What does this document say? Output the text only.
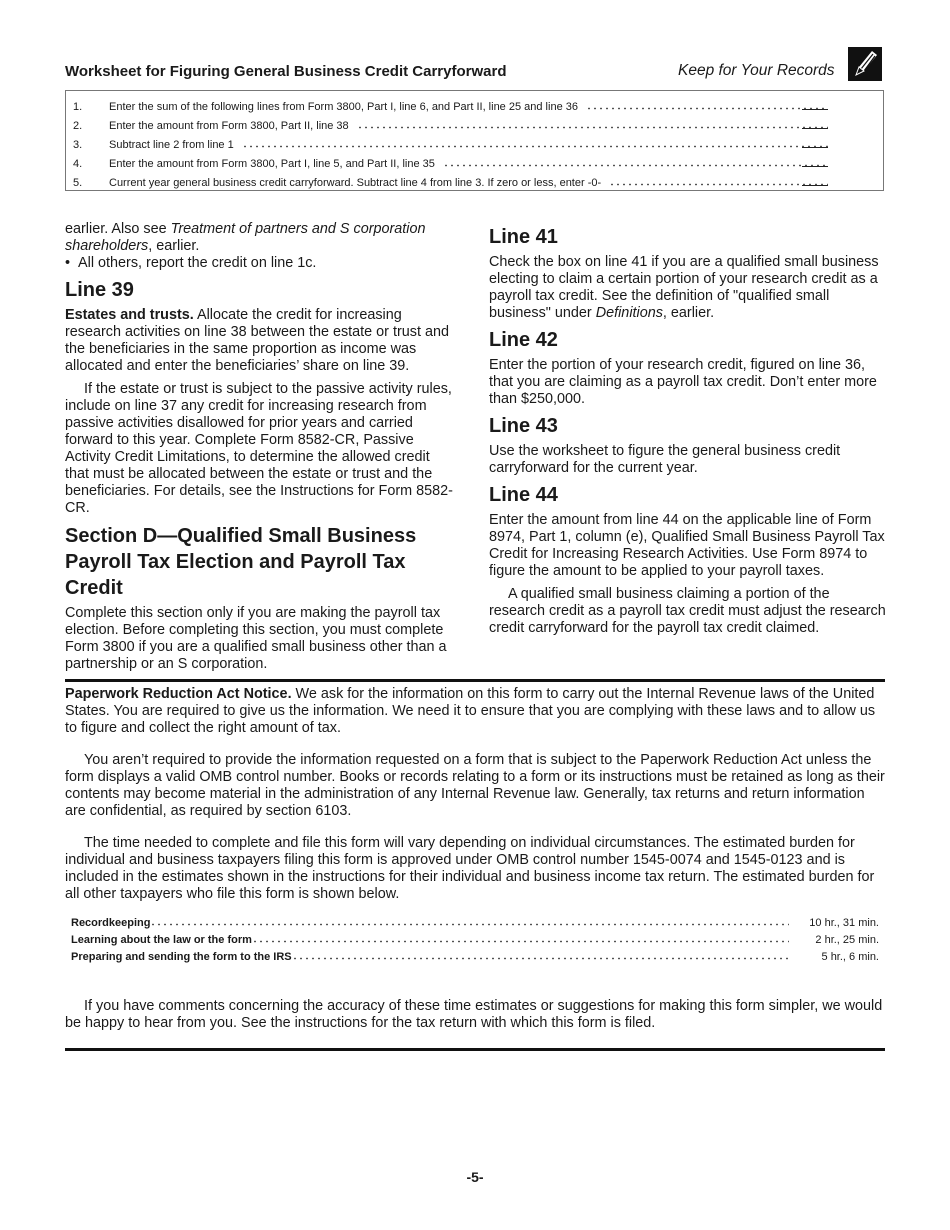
Worksheet for Figuring General Business Credit Carryforward	Keep for Your Records
1.	Enter the sum of the following lines from Form 3800, Part I, line 6, and Part II, line 25 and line 36
2.	Enter the amount from Form 3800, Part II, line 38
3.	Subtract line 2 from line 1
4.	Enter the amount from Form 3800, Part I, line 5, and Part II, line 35
5.	Current year general business credit carryforward. Subtract line 4 from line 3. If zero or less, enter -0-

earlier. Also see Treatment of partners and S corporation shareholders, earlier.

•  All others, report the credit on line 1c.

Line 39

Estates and trusts. Allocate the credit for increasing research activities on line 38 between the estate or trust and the beneficiaries in the same proportion as income was allocated and enter the beneficiaries’ share on line 39.

If the estate or trust is subject to the passive activity rules, include on line 37 any credit for increasing research from passive activities disallowed for prior years and carried forward to this year. Complete Form 8582-CR, Passive Activity Credit Limitations, to determine the allowed credit that must be allocated between the estate or trust and the beneficiaries. For details, see the Instructions for Form 8582-CR.

Section D—Qualified Small Business Payroll Tax Election and Payroll Tax Credit

Complete this section only if you are making the payroll tax election. Before completing this section, you must complete Form 3800 if you are a qualified small business other than a partnership or an S corporation.

Line 41

Check the box on line 41 if you are a qualified small business electing to claim a certain portion of your research credit as a payroll tax credit. See the definition of "qualified small business" under Definitions, earlier.

Line 42

Enter the portion of your research credit, figured on line 36, that you are claiming as a payroll tax credit. Don’t enter more than $250,000.

Line 43

Use the worksheet to figure the general business credit carryforward for the current year.

Line 44

Enter the amount from line 44 on the applicable line of Form 8974, Part 1, column (e), Qualified Small Business Payroll Tax Credit for Increasing Research Activities. Use Form 8974 to figure the amount to be applied to your payroll taxes.

A qualified small business claiming a portion of the research credit as a payroll tax credit must adjust the research credit carryforward for the payroll tax credit claimed.

Paperwork Reduction Act Notice. We ask for the information on this form to carry out the Internal Revenue laws of the United States. You are required to give us the information. We need it to ensure that you are complying with these laws and to allow us to figure and collect the right amount of tax.

You aren’t required to provide the information requested on a form that is subject to the Paperwork Reduction Act unless the form displays a valid OMB control number. Books or records relating to a form or its instructions must be retained as long as their contents may become material in the administration of any Internal Revenue law. Generally, tax returns and return information are confidential, as required by section 6103.

The time needed to complete and file this form will vary depending on individual circumstances. The estimated burden for individual and business taxpayers filing this form is approved under OMB control number 1545-0074 and 1545-0123 and is included in the estimates shown in the instructions for their individual and business income tax return. The estimated burden for all other taxpayers who file this form is shown below.

Recordkeeping	10 hr., 31 min.
Learning about the law or the form	2 hr., 25 min.
Preparing and sending the form to the IRS	5 hr., 6 min.

If you have comments concerning the accuracy of these time estimates or suggestions for making this form simpler, we would be happy to hear from you. See the instructions for the tax return with which this form is filed.

-5-
